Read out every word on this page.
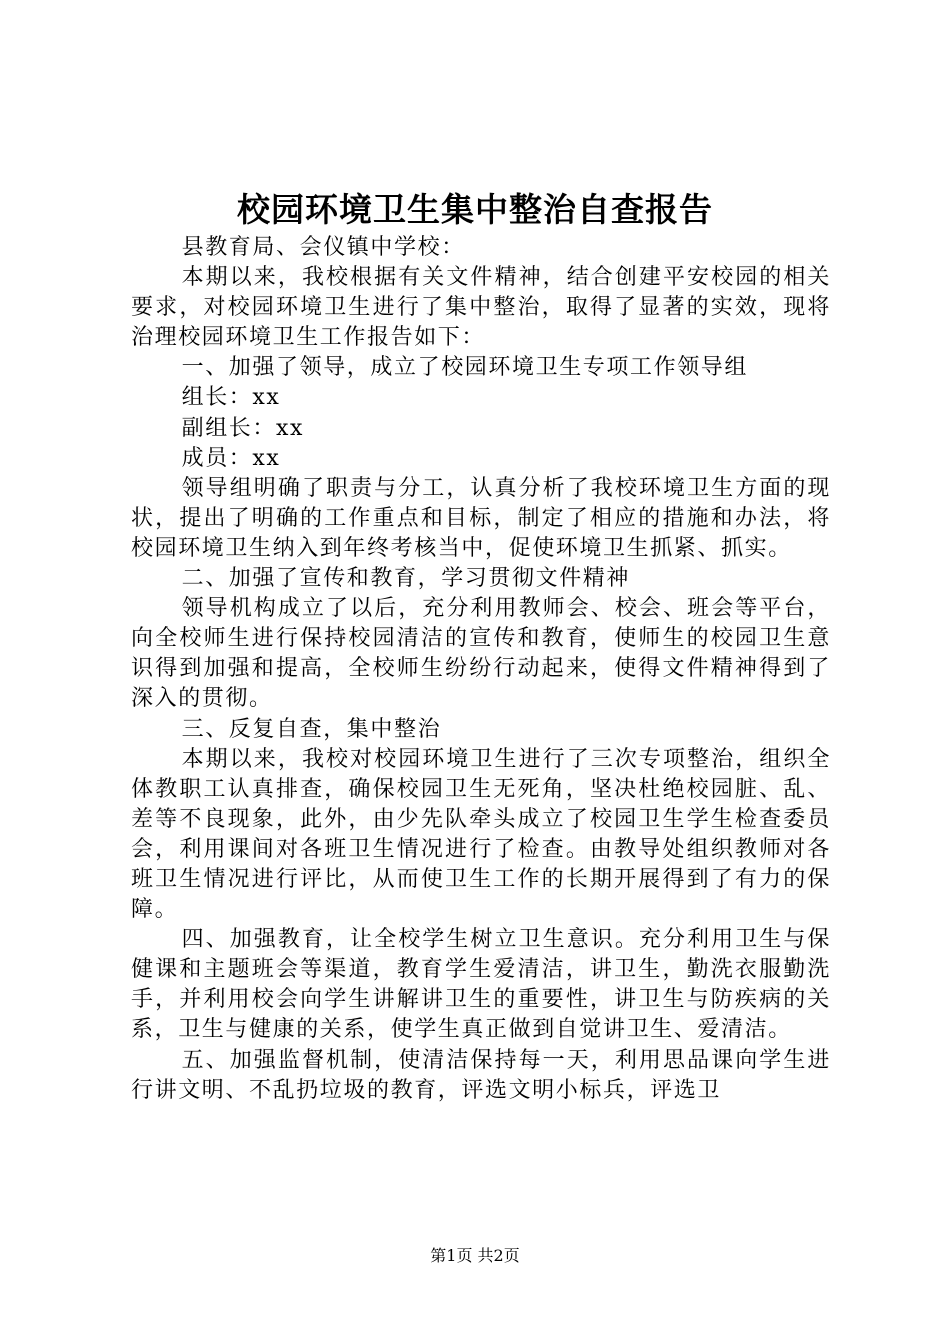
校园环境卫生集中整治自查报告

县教育局、会仪镇中学校：

本期以来，我校根据有关文件精神，结合创建平安校园的相关要求，对校园环境卫生进行了集中整治，取得了显著的实效，现将治理校园环境卫生工作报告如下：

一、加强了领导，成立了校园环境卫生专项工作领导组

组长：xx

副组长：xx

成员：xx

领导组明确了职责与分工，认真分析了我校环境卫生方面的现状，提出了明确的工作重点和目标，制定了相应的措施和办法，将校园环境卫生纳入到年终考核当中，促使环境卫生抓紧、抓实。

二、加强了宣传和教育，学习贯彻文件精神

领导机构成立了以后，充分利用教师会、校会、班会等平台，向全校师生进行保持校园清洁的宣传和教育，使师生的校园卫生意识得到加强和提高，全校师生纷纷行动起来，使得文件精神得到了深入的贯彻。

三、反复自查，集中整治

本期以来，我校对校园环境卫生进行了三次专项整治，组织全体教职工认真排查，确保校园卫生无死角，坚决杜绝校园脏、乱、差等不良现象，此外，由少先队牵头成立了校园卫生学生检查委员会，利用课间对各班卫生情况进行了检查。由教导处组织教师对各班卫生情况进行评比，从而使卫生工作的长期开展得到了有力的保障。

四、加强教育，让全校学生树立卫生意识。充分利用卫生与保健课和主题班会等渠道，教育学生爱清洁，讲卫生，勤洗衣服勤洗手，并利用校会向学生讲解讲卫生的重要性，讲卫生与防疾病的关系，卫生与健康的关系，使学生真正做到自觉讲卫生、爱清洁。

五、加强监督机制，使清洁保持每一天，利用思品课向学生进行讲文明、不乱扔垃圾的教育，评选文明小标兵，评选卫

第1页 共2页
